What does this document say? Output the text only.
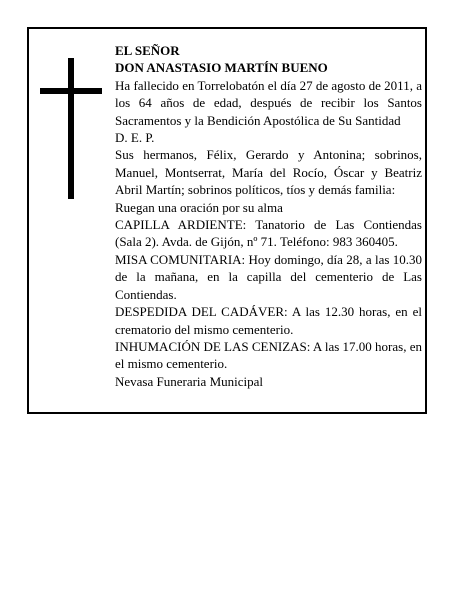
EL SEÑOR
DON ANASTASIO MARTÍN BUENO
Ha fallecido en Torrelobatón el día 27 de agosto de 2011, a los 64 años de edad, después de recibir los Santos Sacramentos y la Bendición Apostólica de Su Santidad
D. E. P.
Sus hermanos, Félix, Gerardo y Antonina; sobrinos, Manuel, Montserrat, María del Rocío, Óscar y Beatriz Abril Martín; sobrinos políticos, tíos y demás familia:
Ruegan una oración por su alma
CAPILLA ARDIENTE: Tanatorio de Las Contiendas (Sala 2). Avda. de Gijón, nº 71. Teléfono: 983 360405.
MISA COMUNITARIA: Hoy domingo, día 28, a las 10.30 de la mañana, en la capilla del cementerio de Las Contiendas.
DESPEDIDA DEL CADÁVER: A las 12.30 horas, en el crematorio del mismo cementerio.
INHUMACIÓN DE LAS CENIZAS: A las 17.00 horas, en el mismo cementerio.
Nevasa Funeraria Municipal
